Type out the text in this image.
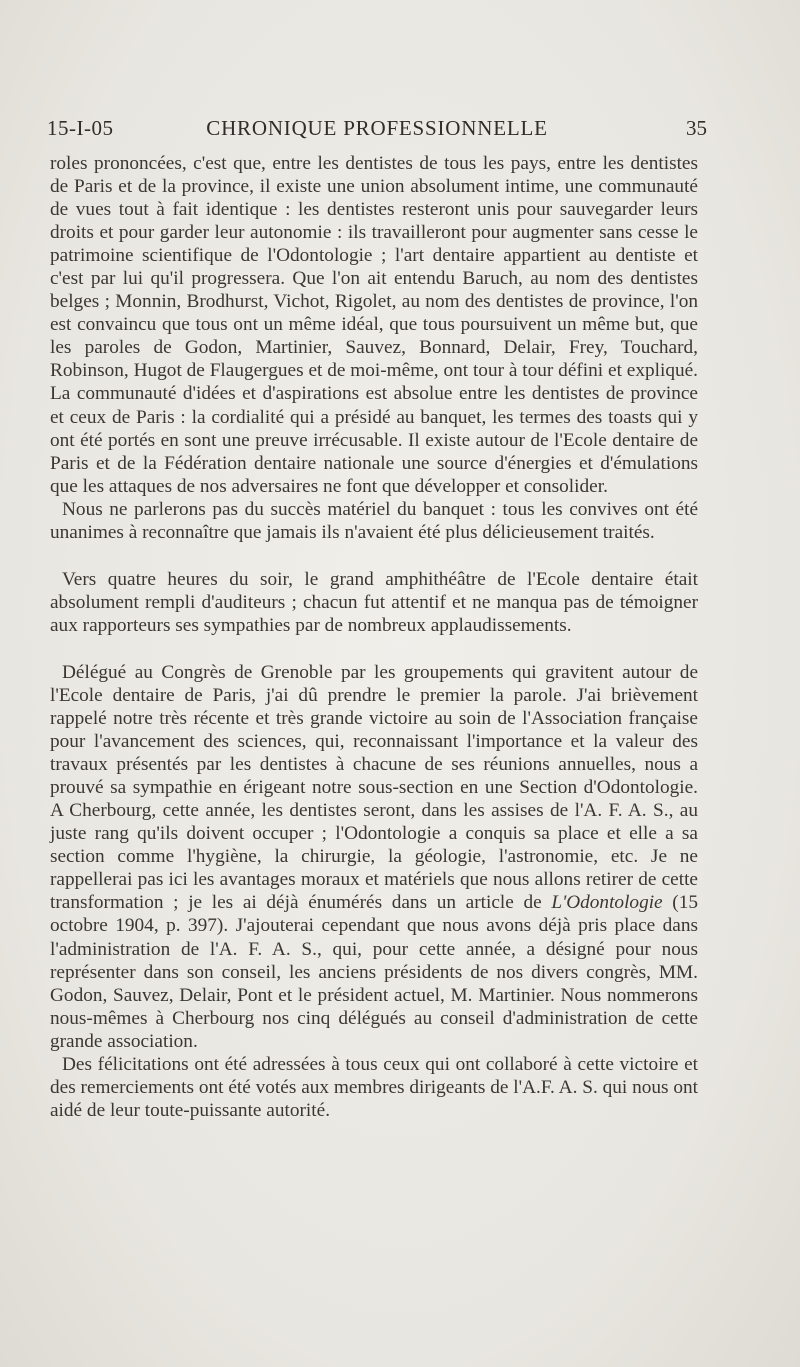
15-I-05	CHRONIQUE PROFESSIONNELLE	35

roles prononcées, c'est que, entre les dentistes de tous les pays, entre les dentistes de Paris et de la province, il existe une union absolument intime, une communauté de vues tout à fait identique : les dentistes resteront unis pour sauvegarder leurs droits et pour garder leur autonomie : ils travailleront pour augmenter sans cesse le patrimoine scientifique de l'Odontologie ; l'art dentaire appartient au dentiste et c'est par lui qu'il progressera. Que l'on ait entendu Baruch, au nom des dentistes belges ; Monnin, Brodhurst, Vichot, Rigolet, au nom des dentistes de province, l'on est convaincu que tous ont un même idéal, que tous poursuivent un même but, que les paroles de Godon, Martinier, Sauvez, Bonnard, Delair, Frey, Touchard, Robinson, Hugot de Flaugergues et de moi-même, ont tour à tour défini et expliqué. La communauté d'idées et d'aspirations est absolue entre les dentistes de province et ceux de Paris : la cordialité qui a présidé au banquet, les termes des toasts qui y ont été portés en sont une preuve irrécusable. Il existe autour de l'Ecole dentaire de Paris et de la Fédération dentaire nationale une source d'énergies et d'émulations que les attaques de nos adversaires ne font que développer et consolider.

Nous ne parlerons pas du succès matériel du banquet : tous les convives ont été unanimes à reconnaître que jamais ils n'avaient été plus délicieusement traités.

Vers quatre heures du soir, le grand amphithéâtre de l'Ecole dentaire était absolument rempli d'auditeurs ; chacun fut attentif et ne manqua pas de témoigner aux rapporteurs ses sympathies par de nombreux applaudissements.

Délégué au Congrès de Grenoble par les groupements qui gravitent autour de l'Ecole dentaire de Paris, j'ai dû prendre le premier la parole. J'ai brièvement rappelé notre très récente et très grande victoire au soin de l'Association française pour l'avancement des sciences, qui, reconnaissant l'importance et la valeur des travaux présentés par les dentistes à chacune de ses réunions annuelles, nous a prouvé sa sympathie en érigeant notre sous-section en une Section d'Odontologie. A Cherbourg, cette année, les dentistes seront, dans les assises de l'A. F. A. S., au juste rang qu'ils doivent occuper ; l'Odontologie a conquis sa place et elle a sa section comme l'hygiène, la chirurgie, la géologie, l'astronomie, etc. Je ne rappellerai pas ici les avantages moraux et matériels que nous allons retirer de cette transformation ; je les ai déjà énumérés dans un article de L'Odontologie (15 octobre 1904, p. 397). J'ajouterai cependant que nous avons déjà pris place dans l'administration de l'A. F. A. S., qui, pour cette année, a désigné pour nous représenter dans son conseil, les anciens présidents de nos divers congrès, MM. Godon, Sauvez, Delair, Pont et le président actuel, M. Martinier. Nous nommerons nous-mêmes à Cherbourg nos cinq délégués au conseil d'administration de cette grande association.

Des félicitations ont été adressées à tous ceux qui ont collaboré à cette victoire et des remerciements ont été votés aux membres dirigeants de l'A.F. A. S. qui nous ont aidé de leur toute-puissante autorité.
